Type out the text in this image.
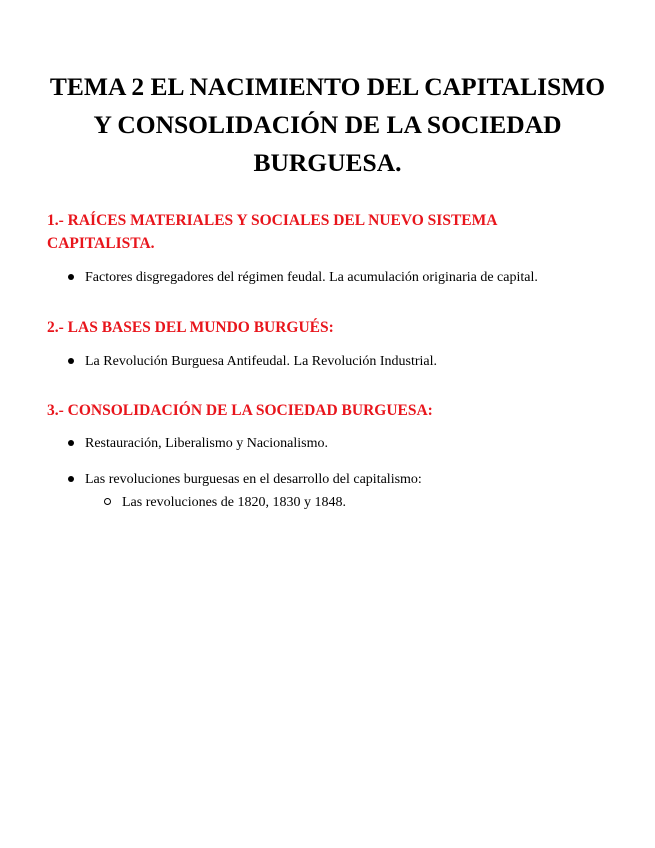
TEMA 2 EL NACIMIENTO DEL CAPITALISMO
Y CONSOLIDACIÓN DE LA SOCIEDAD
BURGUESA.
1.- RAÍCES MATERIALES Y SOCIALES DEL NUEVO SISTEMA
CAPITALISTA.
Factores disgregadores del régimen feudal. La acumulación originaria de capital.
2.- LAS BASES DEL MUNDO BURGUÉS:
La Revolución Burguesa Antifeudal. La Revolución Industrial.
3.- CONSOLIDACIÓN DE LA SOCIEDAD BURGUESA:
Restauración, Liberalismo y Nacionalismo.
Las revoluciones burguesas en el desarrollo del capitalismo:
Las revoluciones de 1820, 1830 y 1848.
